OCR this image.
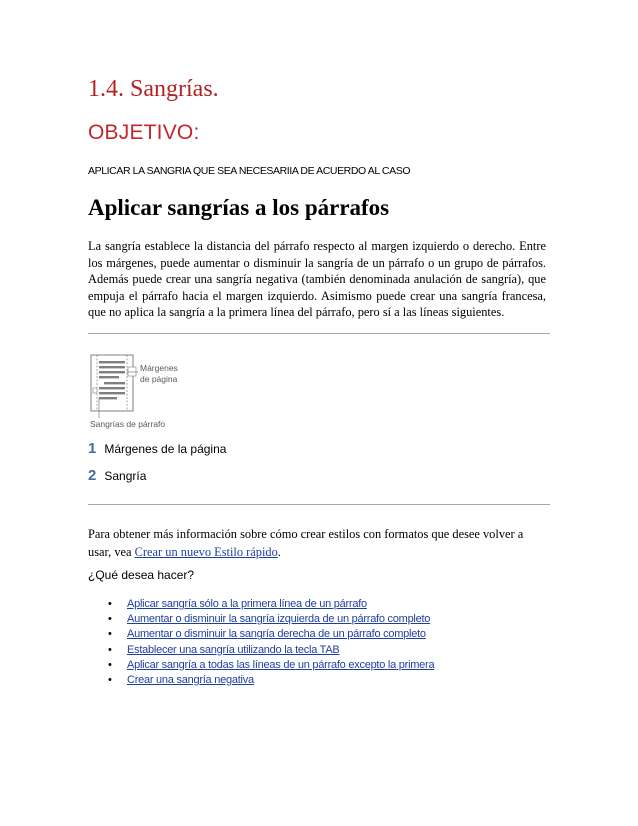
1.4. Sangrías.
OBJETIVO:
APLICAR LA SANGRIA QUE SEA NECESARIIA DE ACUERDO AL CASO
Aplicar sangrías a los párrafos

La sangría establece la distancia del párrafo respecto al margen izquierdo o derecho. Entre los márgenes, puede aumentar o disminuir la sangría de un párrafo o un grupo de párrafos. Además puede crear una sangría negativa (también denominada anulación de sangría), que empuja el párrafo hacia el margen izquierdo. Asimismo puede crear una sangría francesa, que no aplica la sangría a la primera línea del párrafo, pero sí a las líneas siguientes.

Márgenes
de página
Sangrías de párrafo
1 Márgenes de la página
2 Sangría

Para obtener más información sobre cómo crear estilos con formatos que desee volver a usar, vea Crear un nuevo Estilo rápido.

¿Qué desea hacer?

• Aplicar sangría sólo a la primera línea de un párrafo
• Aumentar o disminuir la sangría izquierda de un párrafo completo
• Aumentar o disminuir la sangría derecha de un párrafo completo
• Establecer una sangría utilizando la tecla TAB
• Aplicar sangría a todas las líneas de un párrafo excepto la primera
• Crear una sangría negativa
